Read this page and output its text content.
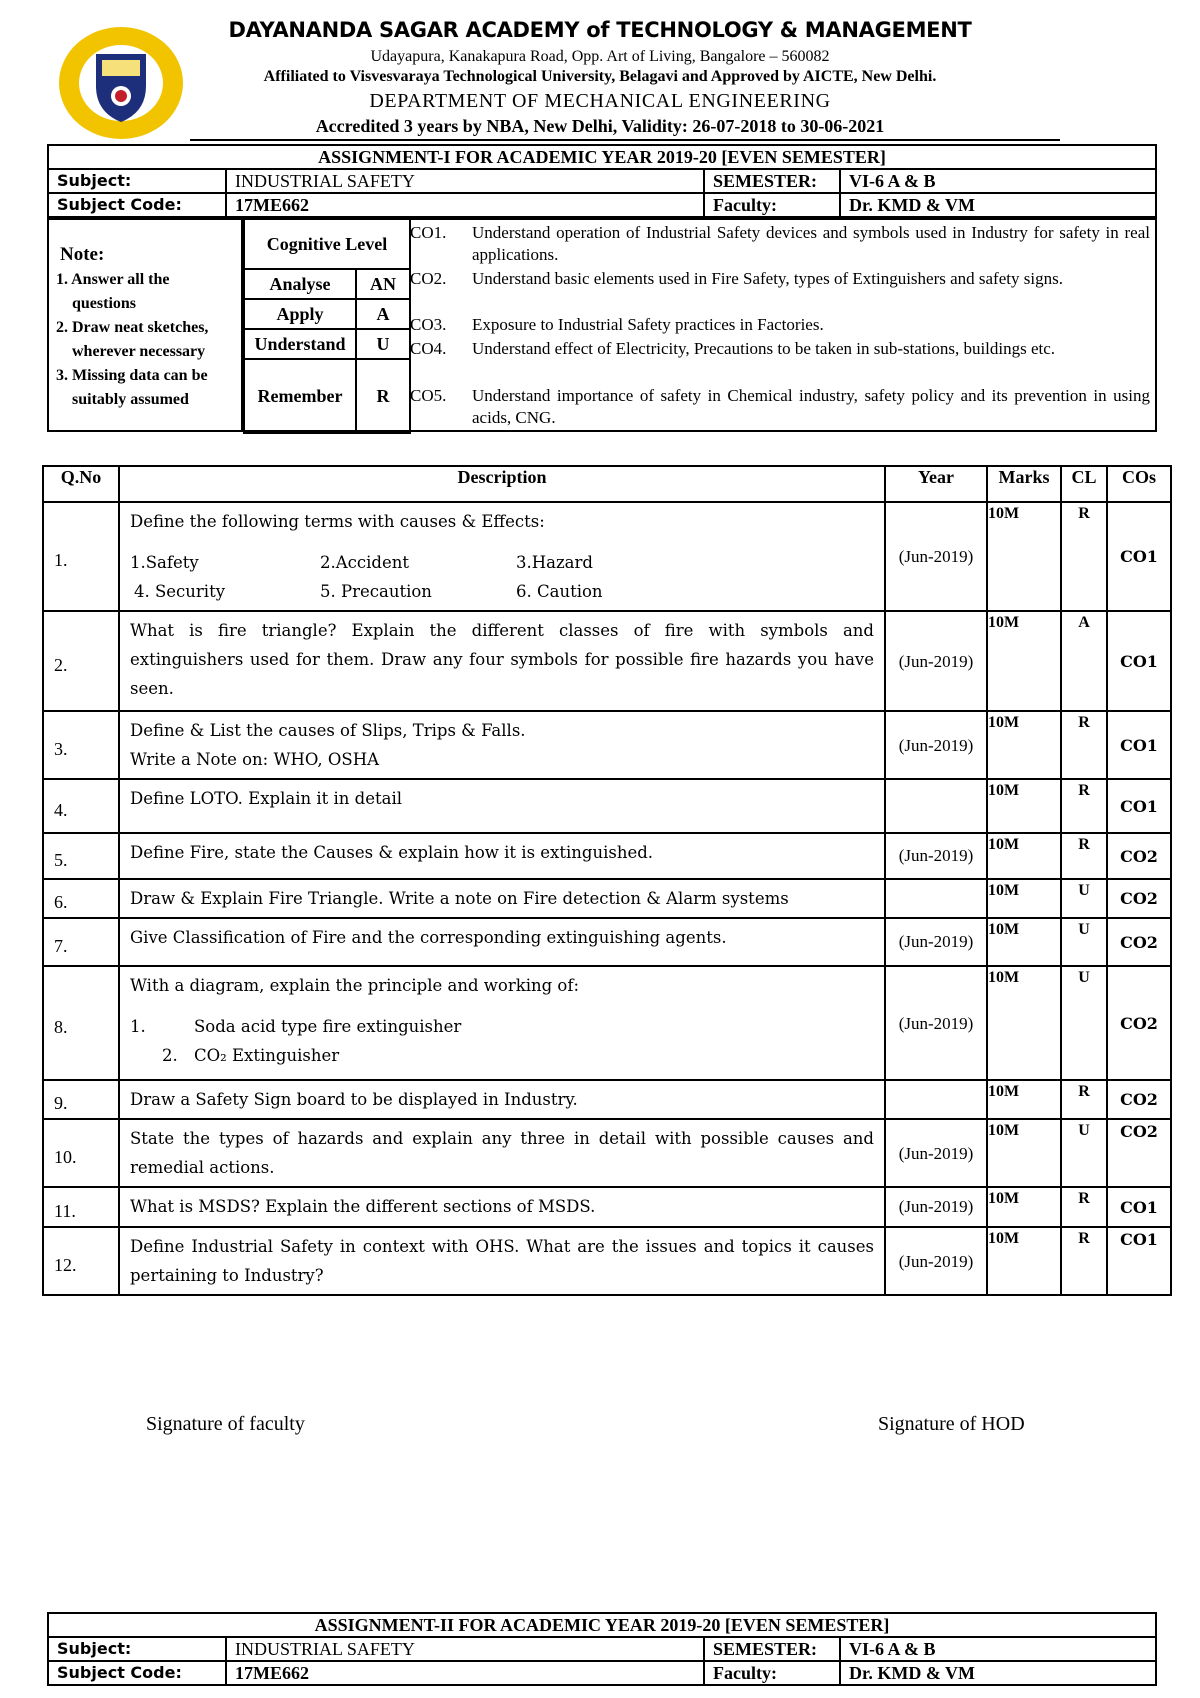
DAYANANDA SAGAR ACADEMY of TECHNOLOGY & MANAGEMENT
Udayapura, Kanakapura Road, Opp. Art of Living, Bangalore – 560082
Affiliated to Visvesvaraya Technological University, Belagavi and Approved by AICTE, New Delhi.
DEPARTMENT OF MECHANICAL ENGINEERING
Accredited 3 years by NBA, New Delhi, Validity: 26-07-2018 to 30-06-2021
ASSIGNMENT-I FOR ACADEMIC YEAR 2019-20 [EVEN SEMESTER]			
Subject:	INDUSTRIAL SAFETY	SEMESTER:	VI-6 A & B
Subject Code:	17ME662	Faculty:	Dr. KMD & VM
Note:
1. Answer all the
questions
2. Draw neat sketches,
wherever necessary
3. Missing data can be
suitably assumed
Cognitive Level	
Analyse	AN
Apply	A
Understand	U
Remember	R
CO1. Understand operation of Industrial Safety devices and symbols used in Industry for safety in real applications.
CO2. Understand basic elements used in Fire Safety, types of Extinguishers and safety signs.
CO3. Exposure to Industrial Safety practices in Factories.
CO4. Understand effect of Electricity, Precautions to be taken in sub-stations, buildings etc.
CO5. Understand importance of safety in Chemical industry, safety policy and its prevention in using acids, CNG.
Q.No	Description	Year	Marks	CL	COs
1.	Define the following terms with causes & Effects:
1.Safety 2.Accident 3.Hazard
4. Security 5. Precaution 6. Caution	(Jun-2019)	10M	R	CO1
2.	What is fire triangle? Explain the different classes of fire with symbols and extinguishers used for them. Draw any four symbols for possible fire hazards you have seen.	(Jun-2019)	10M	A	CO1
3.	Define & List the causes of Slips, Trips & Falls.
Write a Note on: WHO, OSHA	(Jun-2019)	10M	R	CO1
4.	Define LOTO. Explain it in detail		10M	R	CO1
5.	Define Fire, state the Causes & explain how it is extinguished.	(Jun-2019)	10M	R	CO2
6.	Draw & Explain Fire Triangle. Write a note on Fire detection & Alarm systems		10M	U	CO2
7.	Give Classification of Fire and the corresponding extinguishing agents.	(Jun-2019)	10M	U	CO2
8.	With a diagram, explain the principle and working of:
1. Soda acid type fire extinguisher
2. CO₂ Extinguisher	(Jun-2019)	10M	U	CO2
9.	Draw a Safety Sign board to be displayed in Industry.		10M	R	CO2
10.	State the types of hazards and explain any three in detail with possible causes and remedial actions.	(Jun-2019)	10M	U	CO2
11.	What is MSDS? Explain the different sections of MSDS.	(Jun-2019)	10M	R	CO1
12.	Define Industrial Safety in context with OHS. What are the issues and topics it causes pertaining to Industry?	(Jun-2019)	10M	R	CO1
Signature of faculty	Signature of HOD
ASSIGNMENT-II FOR ACADEMIC YEAR 2019-20 [EVEN SEMESTER]			
Subject:	INDUSTRIAL SAFETY	SEMESTER:	VI-6 A & B
Subject Code:	17ME662	Faculty:	Dr. KMD & VM
